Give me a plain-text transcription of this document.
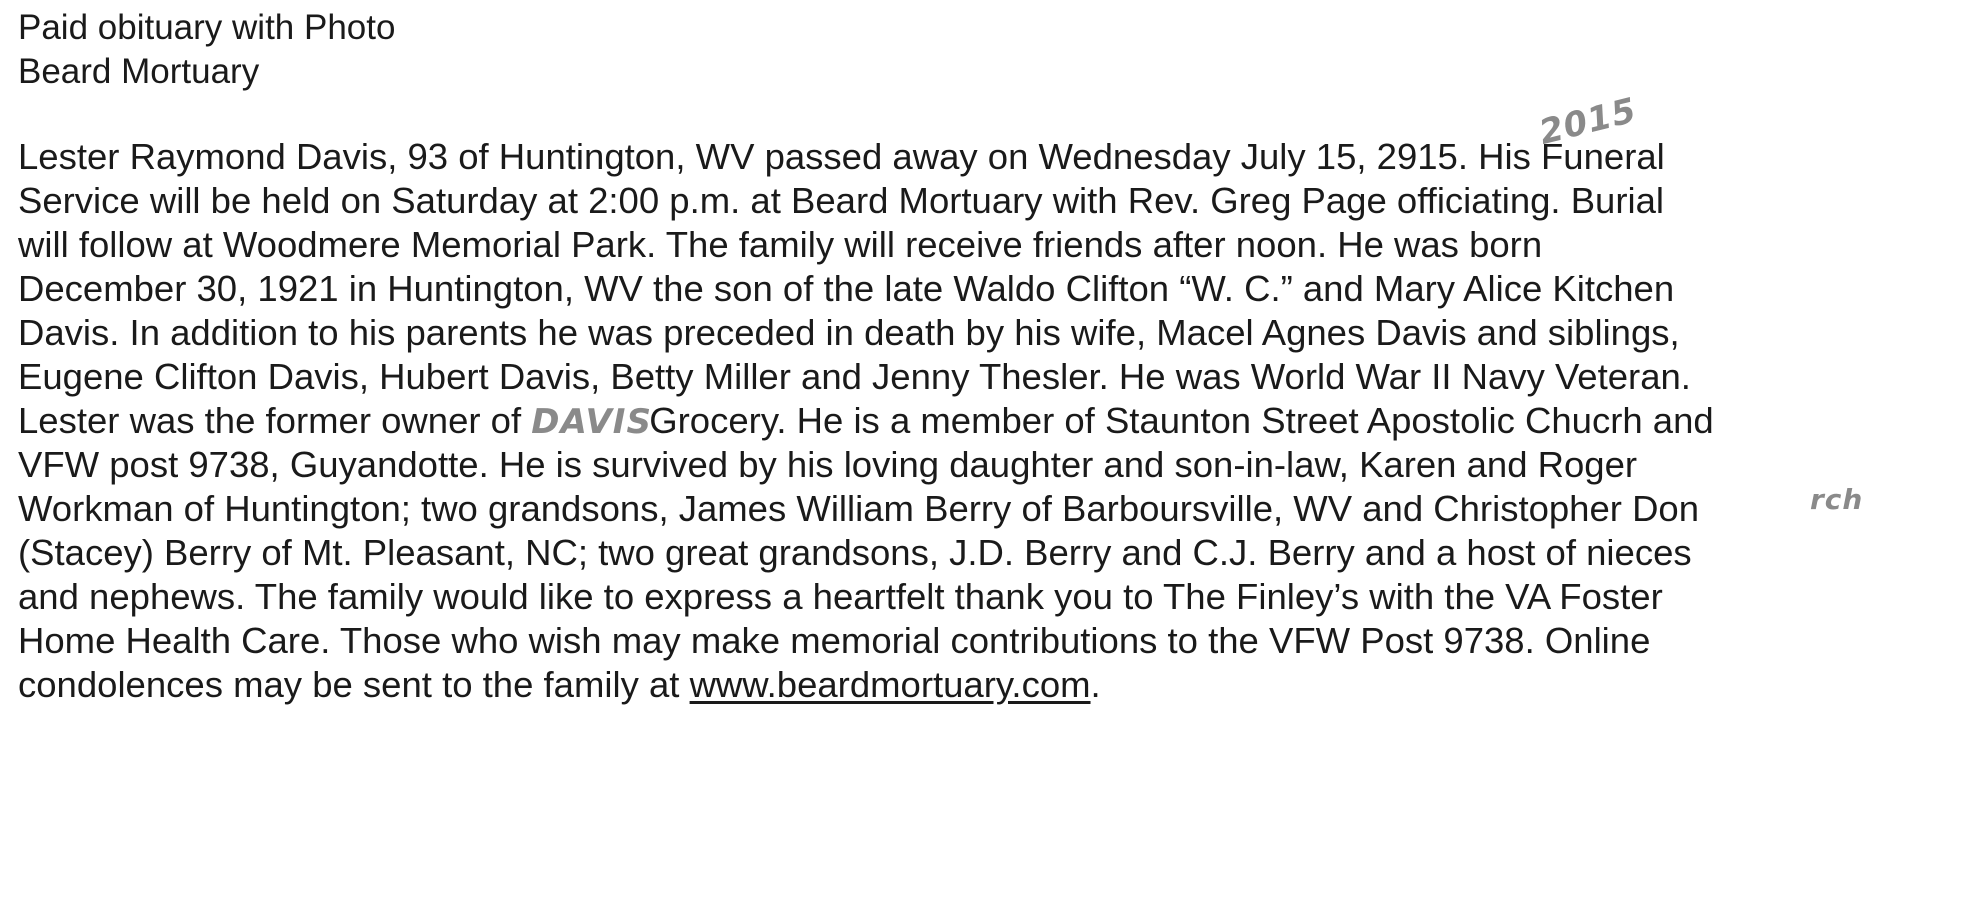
Paid obituary with Photo
Beard Mortuary
2015
Lester Raymond Davis, 93 of Huntington, WV passed away on Wednesday July 15, 2915. His Funeral
Service will be held on Saturday at 2:00 p.m. at Beard Mortuary with Rev. Greg Page officiating. Burial
will follow at Woodmere Memorial Park. The family will receive friends after noon. He was born
December 30, 1921 in Huntington, WV the son of the late Waldo Clifton “W. C.” and Mary Alice Kitchen
Davis. In addition to his parents he was preceded in death by his wife, Macel Agnes Davis and siblings,
Eugene Clifton Davis, Hubert Davis, Betty Miller and Jenny Thesler. He was World War II Navy Veteran.
Lester was the former owner of DAVISGrocery. He is a member of Staunton Street Apostolic Chucrh and
rch
VFW post 9738, Guyandotte. He is survived by his loving daughter and son-in-law, Karen and Roger
Workman of Huntington; two grandsons, James William Berry of Barboursville, WV and Christopher Don
(Stacey) Berry of Mt. Pleasant, NC; two great grandsons, J.D. Berry and C.J. Berry and a host of nieces
and nephews. The family would like to express a heartfelt thank you to The Finley’s with the VA Foster
Home Health Care. Those who wish may make memorial contributions to the VFW Post 9738. Online
condolences may be sent to the family at www.beardmortuary.com.
